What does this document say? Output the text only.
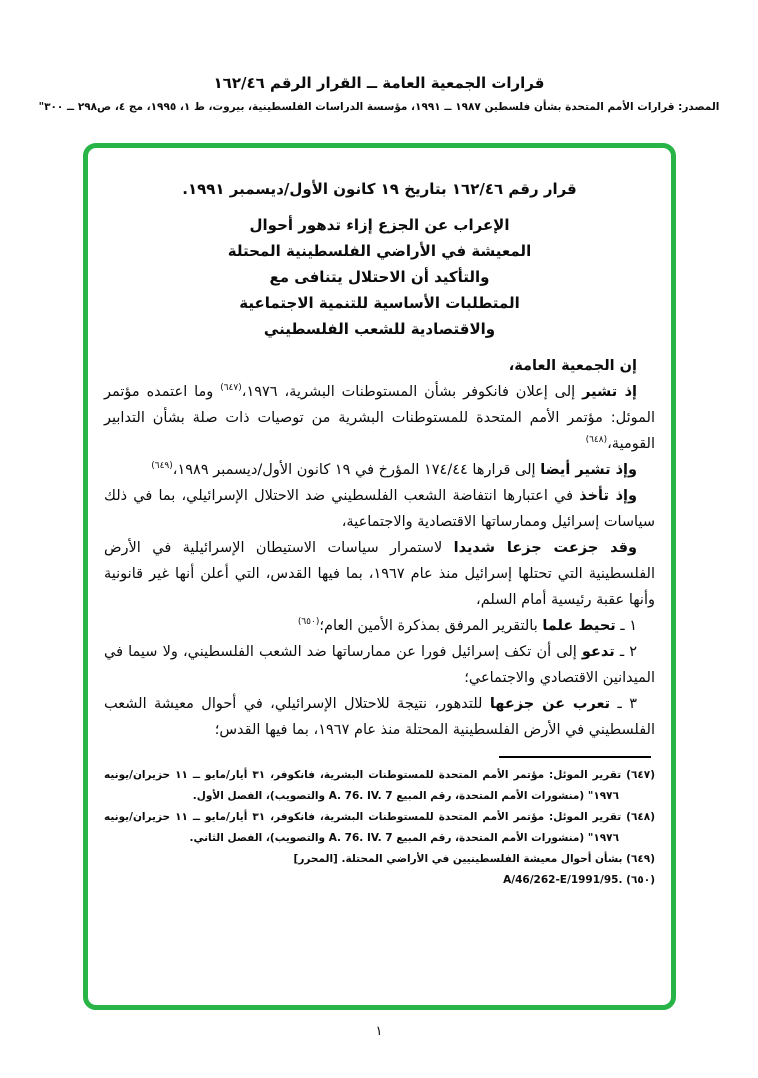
قرارات الجمعية العامة ــ القرار الرقم ١٦٢/٤٦
المصدر: قرارات الأمم المتحدة بشأن فلسطين ١٩٨٧ ــ ١٩٩١، مؤسسة الدراسات الفلسطينية، بيروت، ط ١، ١٩٩٥، مج ٤، ص٢٩٨ ــ ٣٠٠"

قرار رقم ١٦٢/٤٦ بتاريخ ١٩ كانون الأول/ديسمبر ١٩٩١.

الإعراب عن الجزع إزاء تدهور أحوال
المعيشة في الأراضي الفلسطينية المحتلة
والتأكيد أن الاحتلال يتنافى مع
المتطلبات الأساسية للتنمية الاجتماعية
والاقتصادية للشعب الفلسطيني

إن الجمعية العامة،

إذ تشير إلى إعلان فانكوفر بشأن المستوطنات البشرية، ١٩٧٦،$^{(٦٤٧)}$ وما اعتمده مؤتمر الموئل: مؤتمر الأمم المتحدة للمستوطنات البشرية من توصيات ذات صلة بشأن التدابير القومية،$^{(٦٤٨)}$

وإذ تشير أيضا إلى قرارها ١٧٤/٤٤ المؤرخ في ١٩ كانون الأول/ديسمبر ١٩٨٩،$^{(٦٤٩)}$

وإذ تأخذ في اعتبارها انتفاضة الشعب الفلسطيني ضد الاحتلال الإسرائيلي، بما في ذلك سياسات إسرائيل وممارساتها الاقتصادية والاجتماعية،

وقد جزعت جزعا شديدا لاستمرار سياسات الاستيطان الإسرائيلية في الأرض الفلسطينية التي تحتلها إسرائيل منذ عام ١٩٦٧، بما فيها القدس، التي أعلن أنها غير قانونية وأنها عقبة رئيسية أمام السلم،

١ ـ تحيط علما بالتقرير المرفق بمذكرة الأمين العام؛$^{(٦٥٠)}$

٢ ـ تدعو إلى أن تكف إسرائيل فورا عن ممارساتها ضد الشعب الفلسطيني، ولا سيما في الميدانين الاقتصادي والاجتماعي؛

٣ ـ تعرب عن جزعها للتدهور، نتيجة للاحتلال الإسرائيلي، في أحوال معيشة الشعب الفلسطيني في الأرض الفلسطينية المحتلة منذ عام ١٩٦٧، بما فيها القدس؛

(٦٤٧) تقرير الموئل: مؤتمر الأمم المتحدة للمستوطنات البشرية، فانكوفر، ٣١ أيار/مايو ــ ١١ حزيران/يونيه ١٩٧٦" (منشورات الأمم المتحدة، رقم المبيع A. 76. IV. 7 والتصويب)، الفصل الأول.

(٦٤٨) تقرير الموئل: مؤتمر الأمم المتحدة للمستوطنات البشرية، فانكوفر، ٣١ أيار/مايو ــ ١١ حزيران/يونيه ١٩٧٦" (منشورات الأمم المتحدة، رقم المبيع A. 76. IV. 7 والتصويب)، الفصل الثاني.

(٦٤٩) بشأن أحوال معيشة الفلسطينيين في الأراضي المحتلة. [المحرر]

(٦٥٠) A/46/262-E/1991/95.

١
